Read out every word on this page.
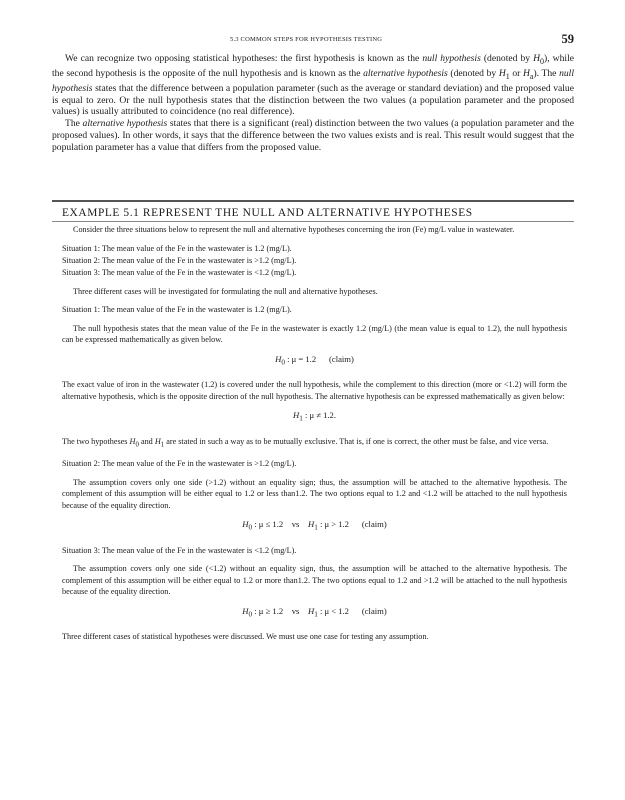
5.3 COMMON STEPS FOR HYPOTHESIS TESTING	59

We can recognize two opposing statistical hypotheses: the first hypothesis is known as the null hypothesis (denoted by $H_0$), while the second hypothesis is the opposite of the null hypothesis and is known as the alternative hypothesis (denoted by $H_1$ or $H_a$). The null hypothesis states that the difference between a population parameter (such as the average or standard deviation) and the proposed value is equal to zero. Or the null hypothesis states that the distinction between the two values (a population parameter and the proposed values) is usually attributed to coincidence (no real difference).

The alternative hypothesis states that there is a significant (real) distinction between the two values (a population parameter and the proposed values). In other words, it says that the difference between the two values exists and is real. This result would suggest that the population parameter has a value that differs from the proposed value.

EXAMPLE 5.1 REPRESENT THE NULL AND ALTERNATIVE HYPOTHESES

Consider the three situations below to represent the null and alternative hypotheses concerning the iron (Fe) mg/L value in wastewater.

Situation 1: The mean value of the Fe in the wastewater is 1.2 (mg/L).
Situation 2: The mean value of the Fe in the wastewater is >1.2 (mg/L).
Situation 3: The mean value of the Fe in the wastewater is <1.2 (mg/L).

Three different cases will be investigated for formulating the null and alternative hypotheses.

Situation 1: The mean value of the Fe in the wastewater is 1.2 (mg/L).

The null hypothesis states that the mean value of the Fe in the wastewater is exactly 1.2 (mg/L) (the mean value is equal to 1.2), the null hypothesis can be expressed mathematically as given below.

$H_0$ : μ = 1.2 (claim)

The exact value of iron in the wastewater (1.2) is covered under the null hypothesis, while the complement to this direction (more or <1.2) will form the alternative hypothesis, which is the opposite direction of the null hypothesis. The alternative hypothesis can be expressed mathematically as given below:

$H_1$ : μ ≠ 1.2.

The two hypotheses $H_0$ and $H_1$ are stated in such a way as to be mutually exclusive. That is, if one is correct, the other must be false, and vice versa.

Situation 2: The mean value of the Fe in the wastewater is >1.2 (mg/L).

The assumption covers only one side (>1.2) without an equality sign; thus, the assumption will be attached to the alternative hypothesis. The complement of this assumption will be either equal to 1.2 or less than1.2. The two options equal to 1.2 and <1.2 will be attached to the null hypothesis because of the equality direction.

$H_0$ : μ ≤ 1.2 vs $H_1$ : μ > 1.2 (claim)

Situation 3: The mean value of the Fe in the wastewater is <1.2 (mg/L).

The assumption covers only one side (<1.2) without an equality sign, thus, the assumption will be attached to the alternative hypothesis. The complement of this assumption will be either equal to 1.2 or more than1.2. The two options equal to 1.2 and >1.2 will be attached to the null hypothesis because of the equality direction.

$H_0$ : μ ≥ 1.2 vs $H_1$ : μ < 1.2 (claim)

Three different cases of statistical hypotheses were discussed. We must use one case for testing any assumption.
